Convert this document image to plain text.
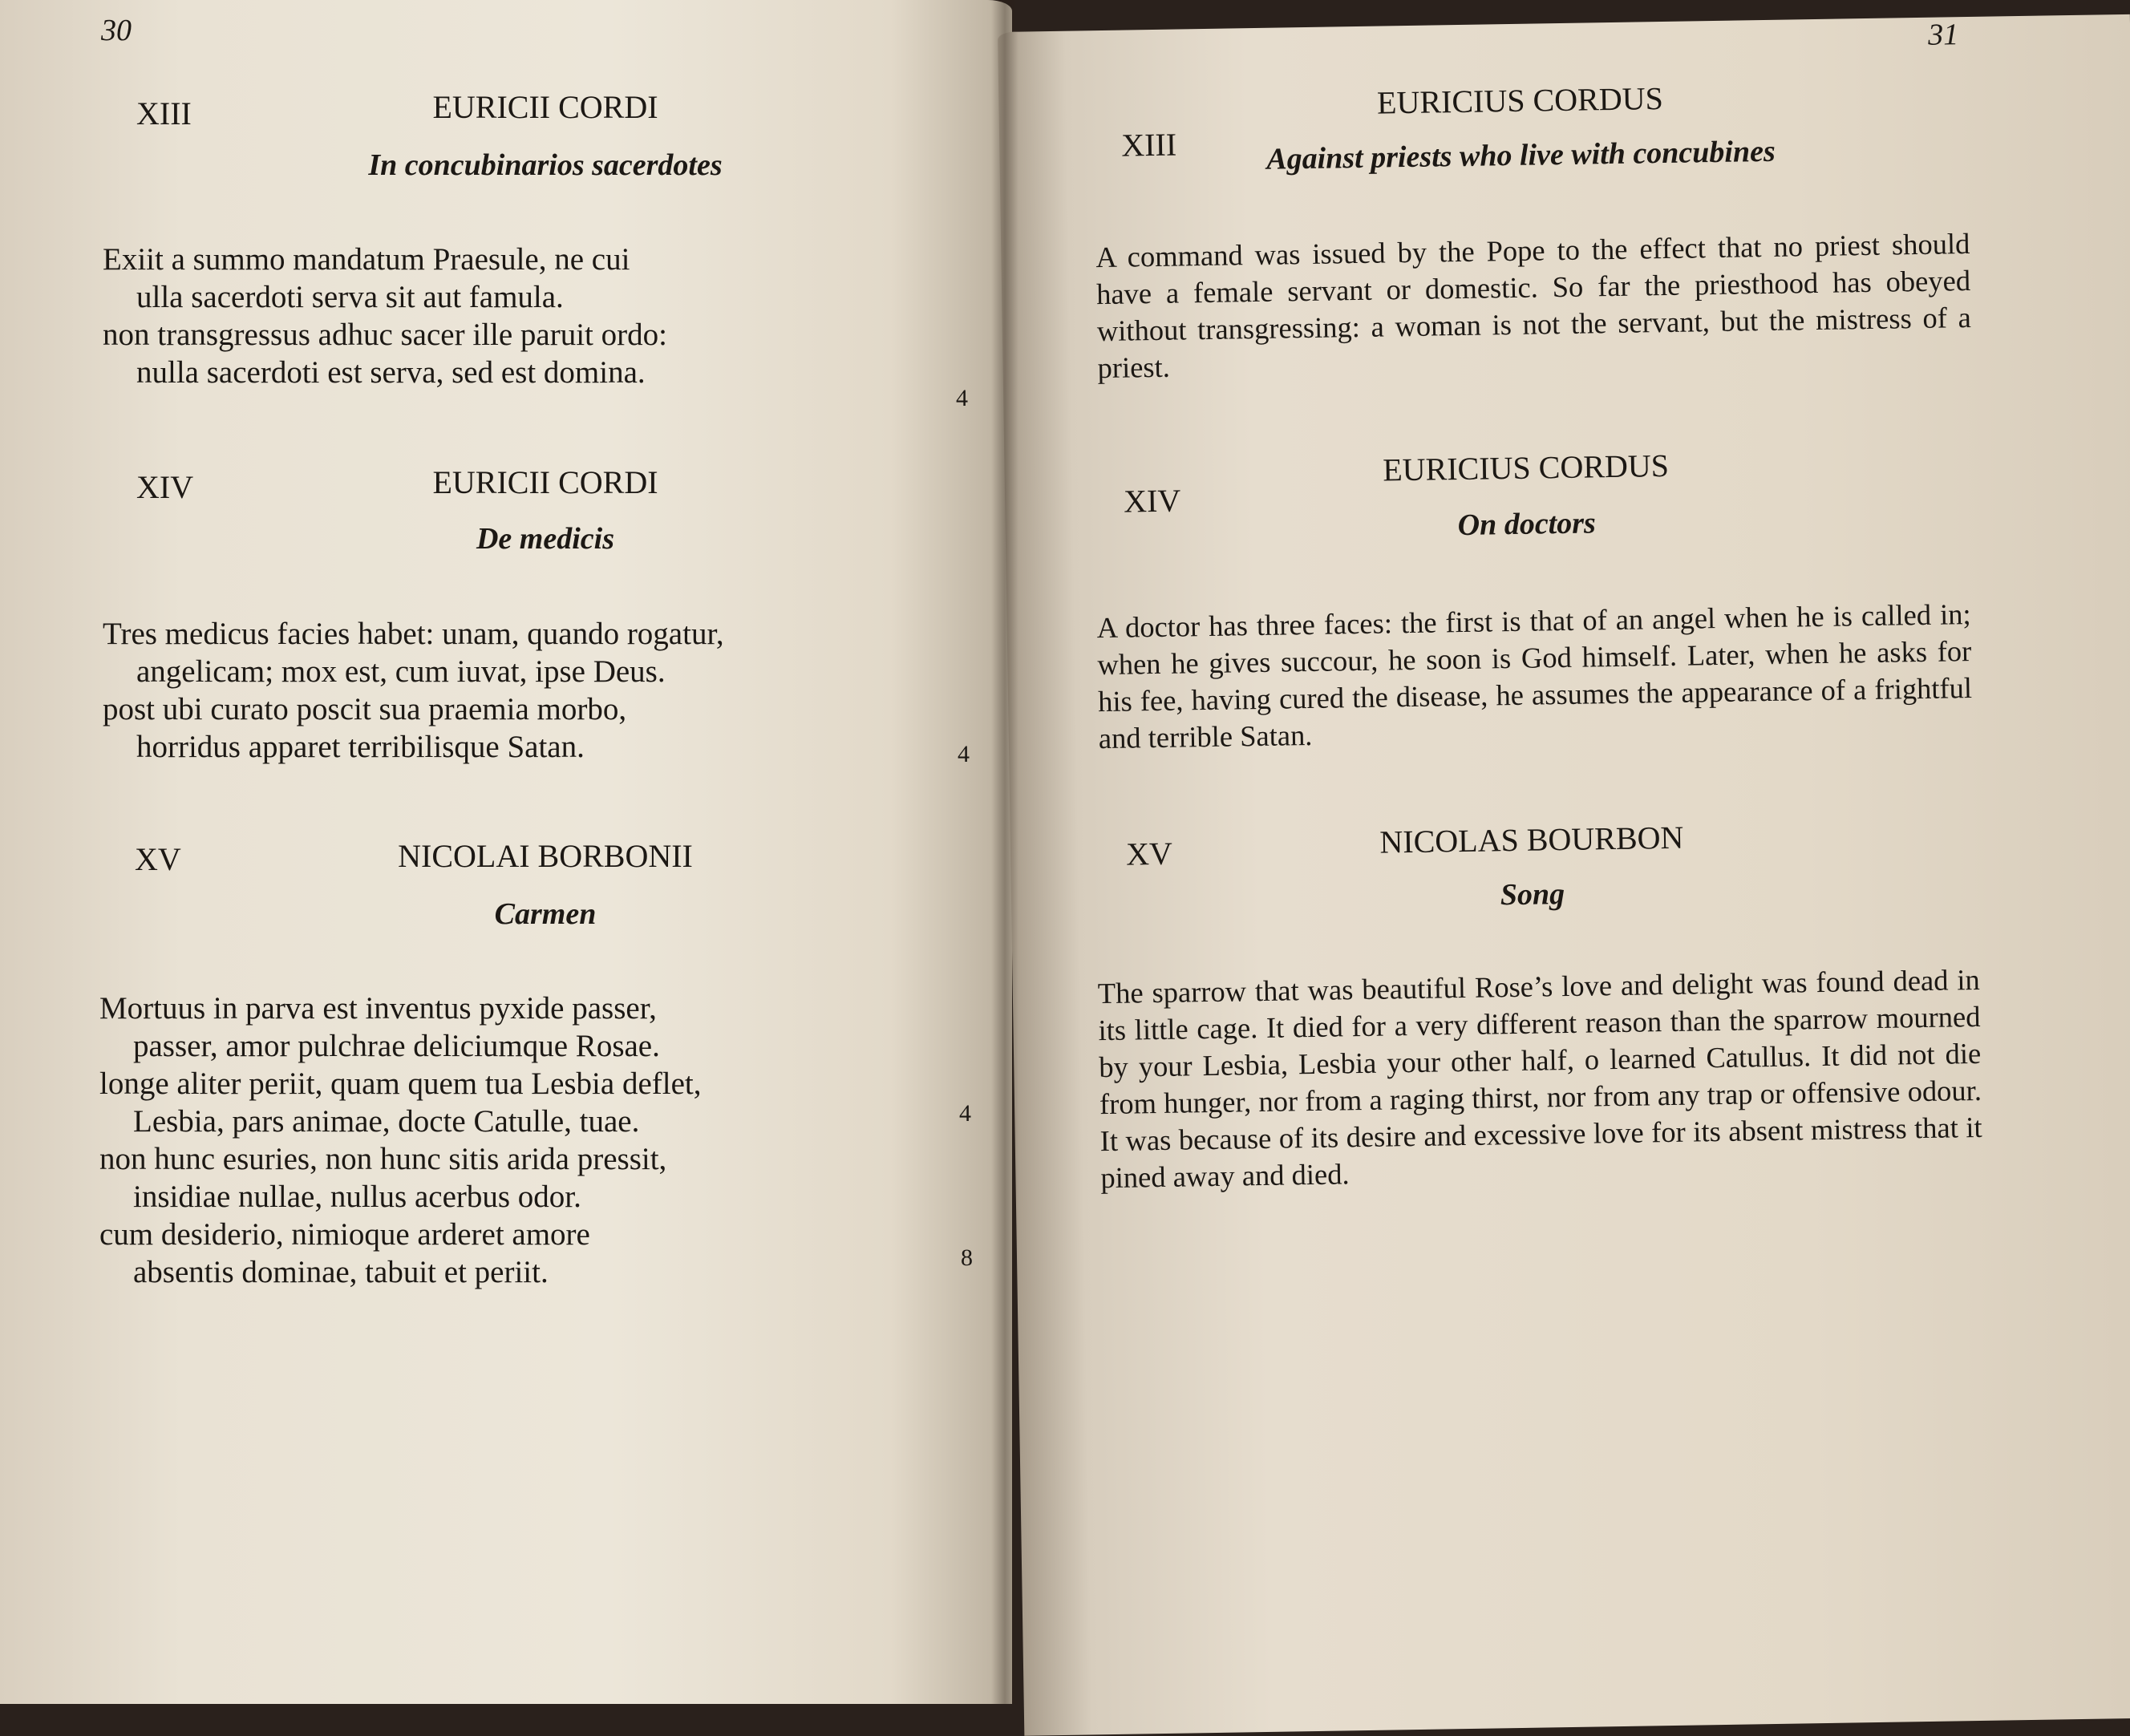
30

XIII	EURICII CORDI

In concubinarios sacerdotes

Exiit a summo mandatum Praesule, ne cui
ulla sacerdoti serva sit aut famula.
non transgressus adhuc sacer ille paruit ordo:
nulla sacerdoti est serva, sed est domina.

4

XIV	EURICII CORDI

De medicis

Tres medicus facies habet: unam, quando rogatur,
angelicam; mox est, cum iuvat, ipse Deus.
post ubi curato poscit sua praemia morbo,
horridus apparet terribilisque Satan.	4

XV	NICOLAI BORBONII

Carmen

Mortuus in parva est inventus pyxide passer,
passer, amor pulchrae deliciumque Rosae.
longe aliter periit, quam quem tua Lesbia deflet,
Lesbia, pars animae, docte Catulle, tuae.
non hunc esuries, non hunc sitis arida pressit,
insidiae nullae, nullus acerbus odor.
cum desiderio, nimioque arderet amore
absentis dominae, tabuit et periit.

4

8

31

XIII

EURICIUS CORDUS

Against priests who live with concubines

A command was issued by the Pope to the effect that no priest should have a female servant or domestic. So far the priesthood has obeyed without transgressing: a woman is not the servant, but the mistress of a priest.

XIV

EURICIUS CORDUS

On doctors

A doctor has three faces: the first is that of an angel when he is called in; when he gives succour, he soon is God himself. Later, when he asks for his fee, having cured the disease, he assumes the appearance of a frightful and terrible Satan.

XV	NICOLAS BOURBON

Song

The sparrow that was beautiful Rose’s love and delight was found dead in its little cage. It died for a very different reason than the sparrow mourned by your Lesbia, Lesbia your other half, o learned Catullus. It did not die from hunger, nor from a raging thirst, nor from any trap or offensive odour. It was because of its desire and excessive love for its absent mistress that it pined away and died.
